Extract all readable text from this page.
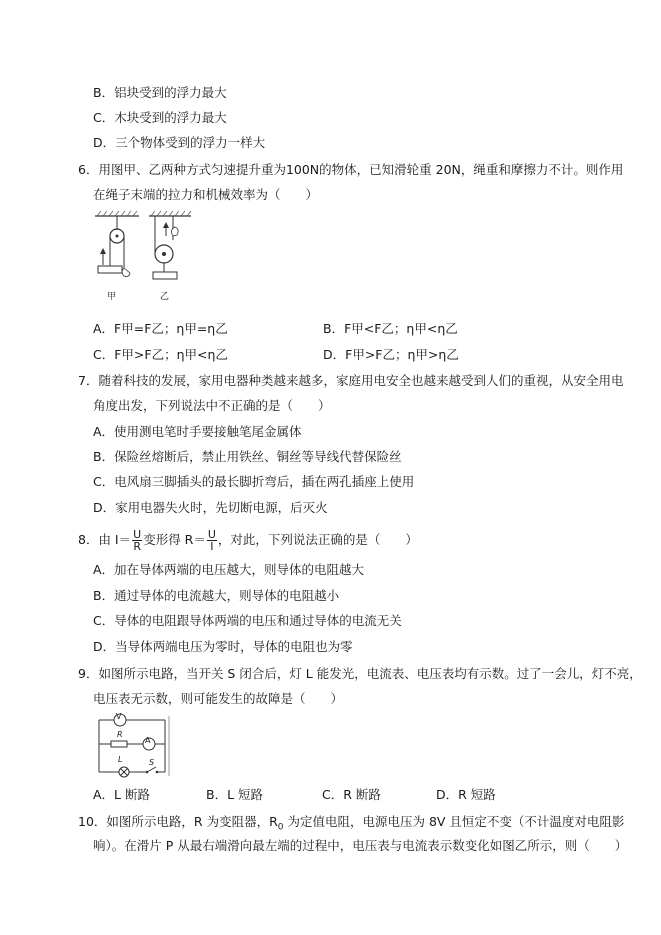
B．铝块受到的浮力最大
C．木块受到的浮力最大
D．三个物体受到的浮力一样大
6．用图甲、乙两种方式匀速提升重为100N的物体，已知滑轮重 20N，绳重和摩擦力不计。则作用
在绳子末端的拉力和机械效率为（　　）
甲	乙
A．F甲=F乙；η甲=η乙	B．F甲<F乙；η甲<η乙
C．F甲>F乙；η甲<η乙	D．F甲>F乙；η甲>η乙
7．随着科技的发展，家用电器种类越来越多，家庭用电安全也越来越受到人们的重视，从安全用电
角度出发，下列说法中不正确的是（　　）
A．使用测电笔时手要接触笔尾金属体
B．保险丝熔断后，禁止用铁丝、铜丝等导线代替保险丝
C．电风扇三脚插头的最长脚折弯后，插在两孔插座上使用
D．家用电器失火时，先切断电源，后灭火
8．由 $I= \frac{U}{R}$ 变形得 $R= \frac{U}{I}$ ，对此，下列说法正确的是（　　）
A．加在导体两端的电压越大，则导体的电阻越大
B．通过导体的电流越大，则导体的电阻越小
C．导体的电阻跟导体两端的电压和通过导体的电流无关
D．当导体两端电压为零时，导体的电阻也为零
9．如图所示电路，当开关 S 闭合后，灯 L 能发光，电流表、电压表均有示数。过了一会儿，灯不亮，
电压表无示数，则可能发生的故障是（　　）
V
A
R
L	S
A．L 断路	B．L 短路	C．R 断路	D．R 短路
10．如图所示电路，R 为变阻器，$R_0$ 为定值电阻，电源电压为 8V 且恒定不变（不计温度对电阻影
响）。在滑片 P 从最右端滑向最左端的过程中，电压表与电流表示数变化如图乙所示，则（　　）
